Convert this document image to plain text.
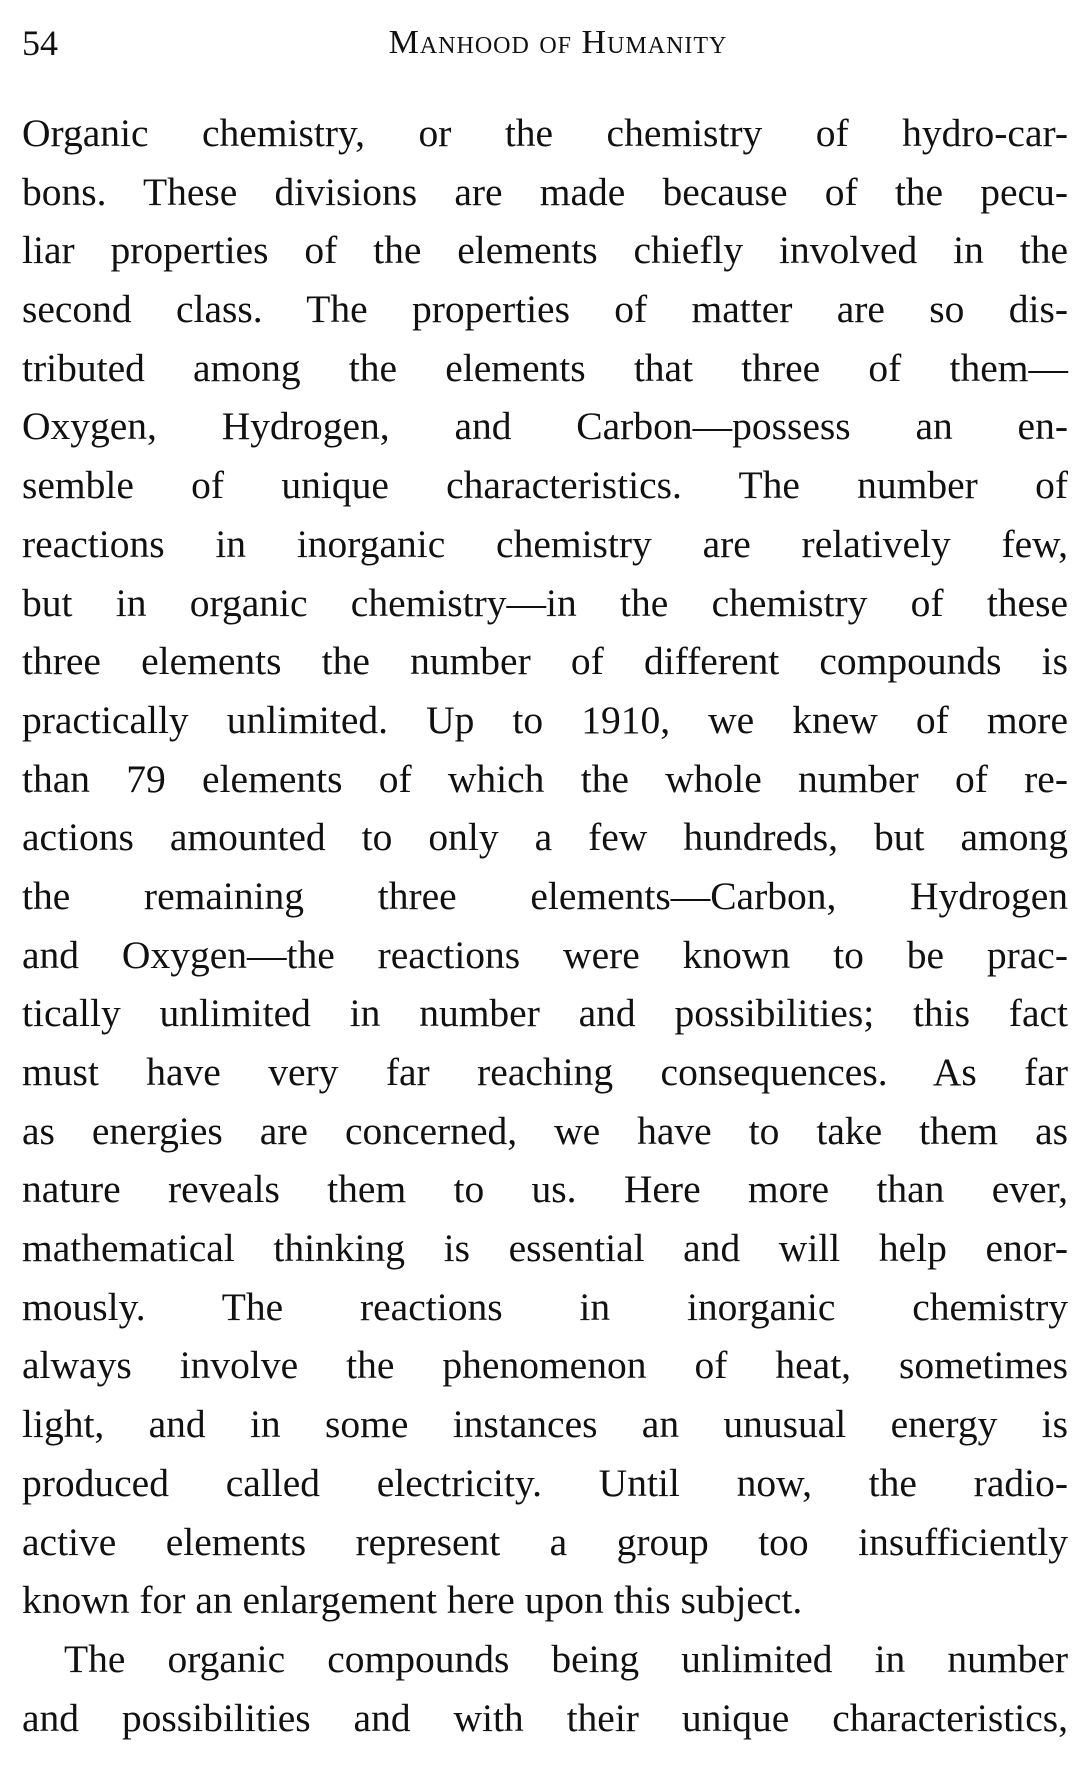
54	Manhood of Humanity
Organic chemistry, or the chemistry of hydro-car-
bons. These divisions are made because of the pecu-
liar properties of the elements chiefly involved in the
second class. The properties of matter are so dis-
tributed among the elements that three of them—
Oxygen, Hydrogen, and Carbon—possess an en-
semble of unique characteristics. The number of
reactions in inorganic chemistry are relatively few,
but in organic chemistry—in the chemistry of these
three elements the number of different compounds is
practically unlimited. Up to 1910, we knew of more
than 79 elements of which the whole number of re-
actions amounted to only a few hundreds, but among
the remaining three elements—Carbon, Hydrogen
and Oxygen—the reactions were known to be prac-
tically unlimited in number and possibilities; this fact
must have very far reaching consequences. As far
as energies are concerned, we have to take them as
nature reveals them to us. Here more than ever,
mathematical thinking is essential and will help enor-
mously. The reactions in inorganic chemistry
always involve the phenomenon of heat, sometimes
light, and in some instances an unusual energy is
produced called electricity. Until now, the radio-
active elements represent a group too insufficiently
known for an enlargement here upon this subject.
The organic compounds being unlimited in number
and possibilities and with their unique characteristics,
